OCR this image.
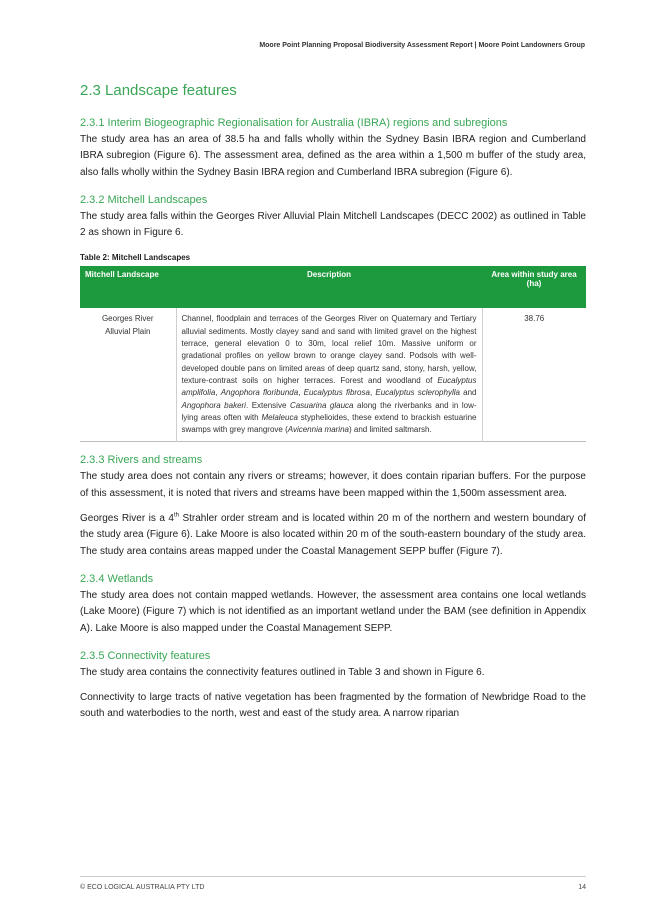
Moore Point Planning Proposal Biodiversity Assessment Report | Moore Point Landowners Group
2.3 Landscape features
2.3.1 Interim Biogeographic Regionalisation for Australia (IBRA) regions and subregions

The study area has an area of 38.5 ha and falls wholly within the Sydney Basin IBRA region and Cumberland IBRA subregion (Figure 6). The assessment area, defined as the area within a 1,500 m buffer of the study area, also falls wholly within the Sydney Basin IBRA region and Cumberland IBRA subregion (Figure 6).

2.3.2 Mitchell Landscapes

The study area falls within the Georges River Alluvial Plain Mitchell Landscapes (DECC 2002) as outlined in Table 2 as shown in Figure 6.

Table 2: Mitchell Landscapes
Mitchell Landscape	Description	Area within study area (ha)
Georges River Alluvial Plain	Channel, floodplain and terraces of the Georges River on Quaternary and Tertiary alluvial sediments. Mostly clayey sand and sand with limited gravel on the highest terrace, general elevation 0 to 30m, local relief 10m. Massive uniform or gradational profiles on yellow brown to orange clayey sand. Podsols with well-developed double pans on limited areas of deep quartz sand, stony, harsh, yellow, texture-contrast soils on higher terraces. Forest and woodland of Eucalyptus amplifolia, Angophora floribunda, Eucalyptus fibrosa, Eucalyptus sclerophylla and Angophora bakeri. Extensive Casuarina glauca along the riverbanks and in low-lying areas often with Melaleuca styphelioides, these extend to brackish estuarine swamps with grey mangrove (Avicennia marina) and limited saltmarsh.	38.76
2.3.3 Rivers and streams

The study area does not contain any rivers or streams; however, it does contain riparian buffers. For the purpose of this assessment, it is noted that rivers and streams have been mapped within the 1,500m assessment area.

Georges River is a 4th Strahler order stream and is located within 20 m of the northern and western boundary of the study area (Figure 6). Lake Moore is also located within 20 m of the south-eastern boundary of the study area. The study area contains areas mapped under the Coastal Management SEPP buffer (Figure 7).

2.3.4 Wetlands

The study area does not contain mapped wetlands. However, the assessment area contains one local wetlands (Lake Moore) (Figure 7) which is not identified as an important wetland under the BAM (see definition in Appendix A). Lake Moore is also mapped under the Coastal Management SEPP.

2.3.5 Connectivity features

The study area contains the connectivity features outlined in Table 3 and shown in Figure 6.

Connectivity to large tracts of native vegetation has been fragmented by the formation of Newbridge Road to the south and waterbodies to the north, west and east of the study area. A narrow riparian

© ECO LOGICAL AUSTRALIA PTY LTD	14
